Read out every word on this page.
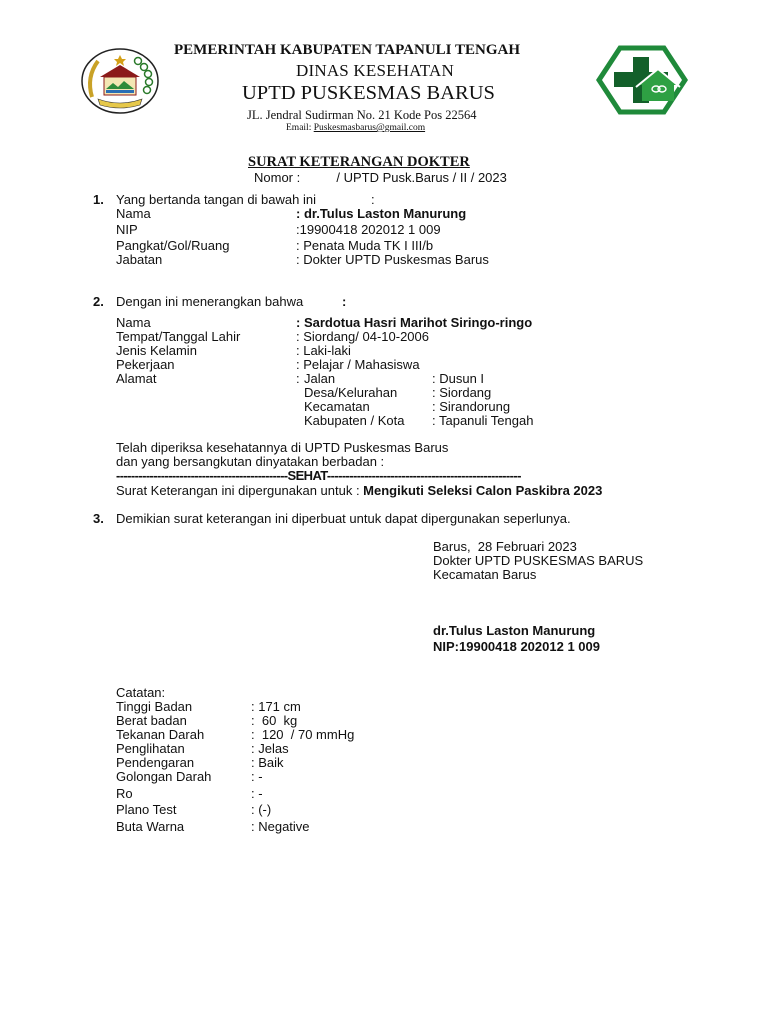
PEMERINTAH KABUPATEN TAPANULI TENGAH
DINAS KESEHATAN
UPTD PUSKESMAS BARUS
JL. Jendral Sudirman No. 21 Kode Pos 22564
Email: Puskesmasbarus@gmail.com
SURAT KETERANGAN DOKTER
Nomor :          / UPTD Pusk.Barus / II / 2023
1. Yang bertanda tangan di bawah ini	:
Nama	: dr.Tulus Laston Manurung
NIP	:19900418 202012 1 009
Pangkat/Gol/Ruang	: Penata Muda TK I III/b
Jabatan	: Dokter UPTD Puskesmas Barus
2. Dengan ini menerangkan bahwa	:
Nama	: Sardotua Hasri Marihot Siringo-ringo
Tempat/Tanggal Lahir	: Siordang/ 04-10-2006
Jenis Kelamin	: Laki-laki
Pekerjaan	: Pelajar / Mahasiswa
Alamat	: Jalan	: Dusun I
Desa/Kelurahan	: Siordang
Kecamatan	: Sirandorung
Kabupaten / Kota : Tapanuli Tengah
Telah diperiksa kesehatannya di UPTD Puskesmas Barus
dan yang bersangkutan dinyatakan berbadan :
----------------------------------------------SEHAT----------------------------------------------------
Surat Keterangan ini dipergunakan untuk : Mengikuti Seleksi Calon Paskibra 2023
3. Demikian surat keterangan ini diperbuat untuk dapat dipergunakan seperlunya.
Barus,  28 Februari 2023
Dokter UPTD PUSKESMAS BARUS
Kecamatan Barus
dr.Tulus Laston Manurung
NIP:19900418 202012 1 009
Catatan:
Tinggi Badan	: 171 cm
Berat badan	:  60  kg
Tekanan Darah	:  120  / 70 mmHg
Penglihatan	: Jelas
Pendengaran	: Baik
Golongan Darah	: -
Ro	: -
Plano Test	: (-)
Buta Warna	: Negative
